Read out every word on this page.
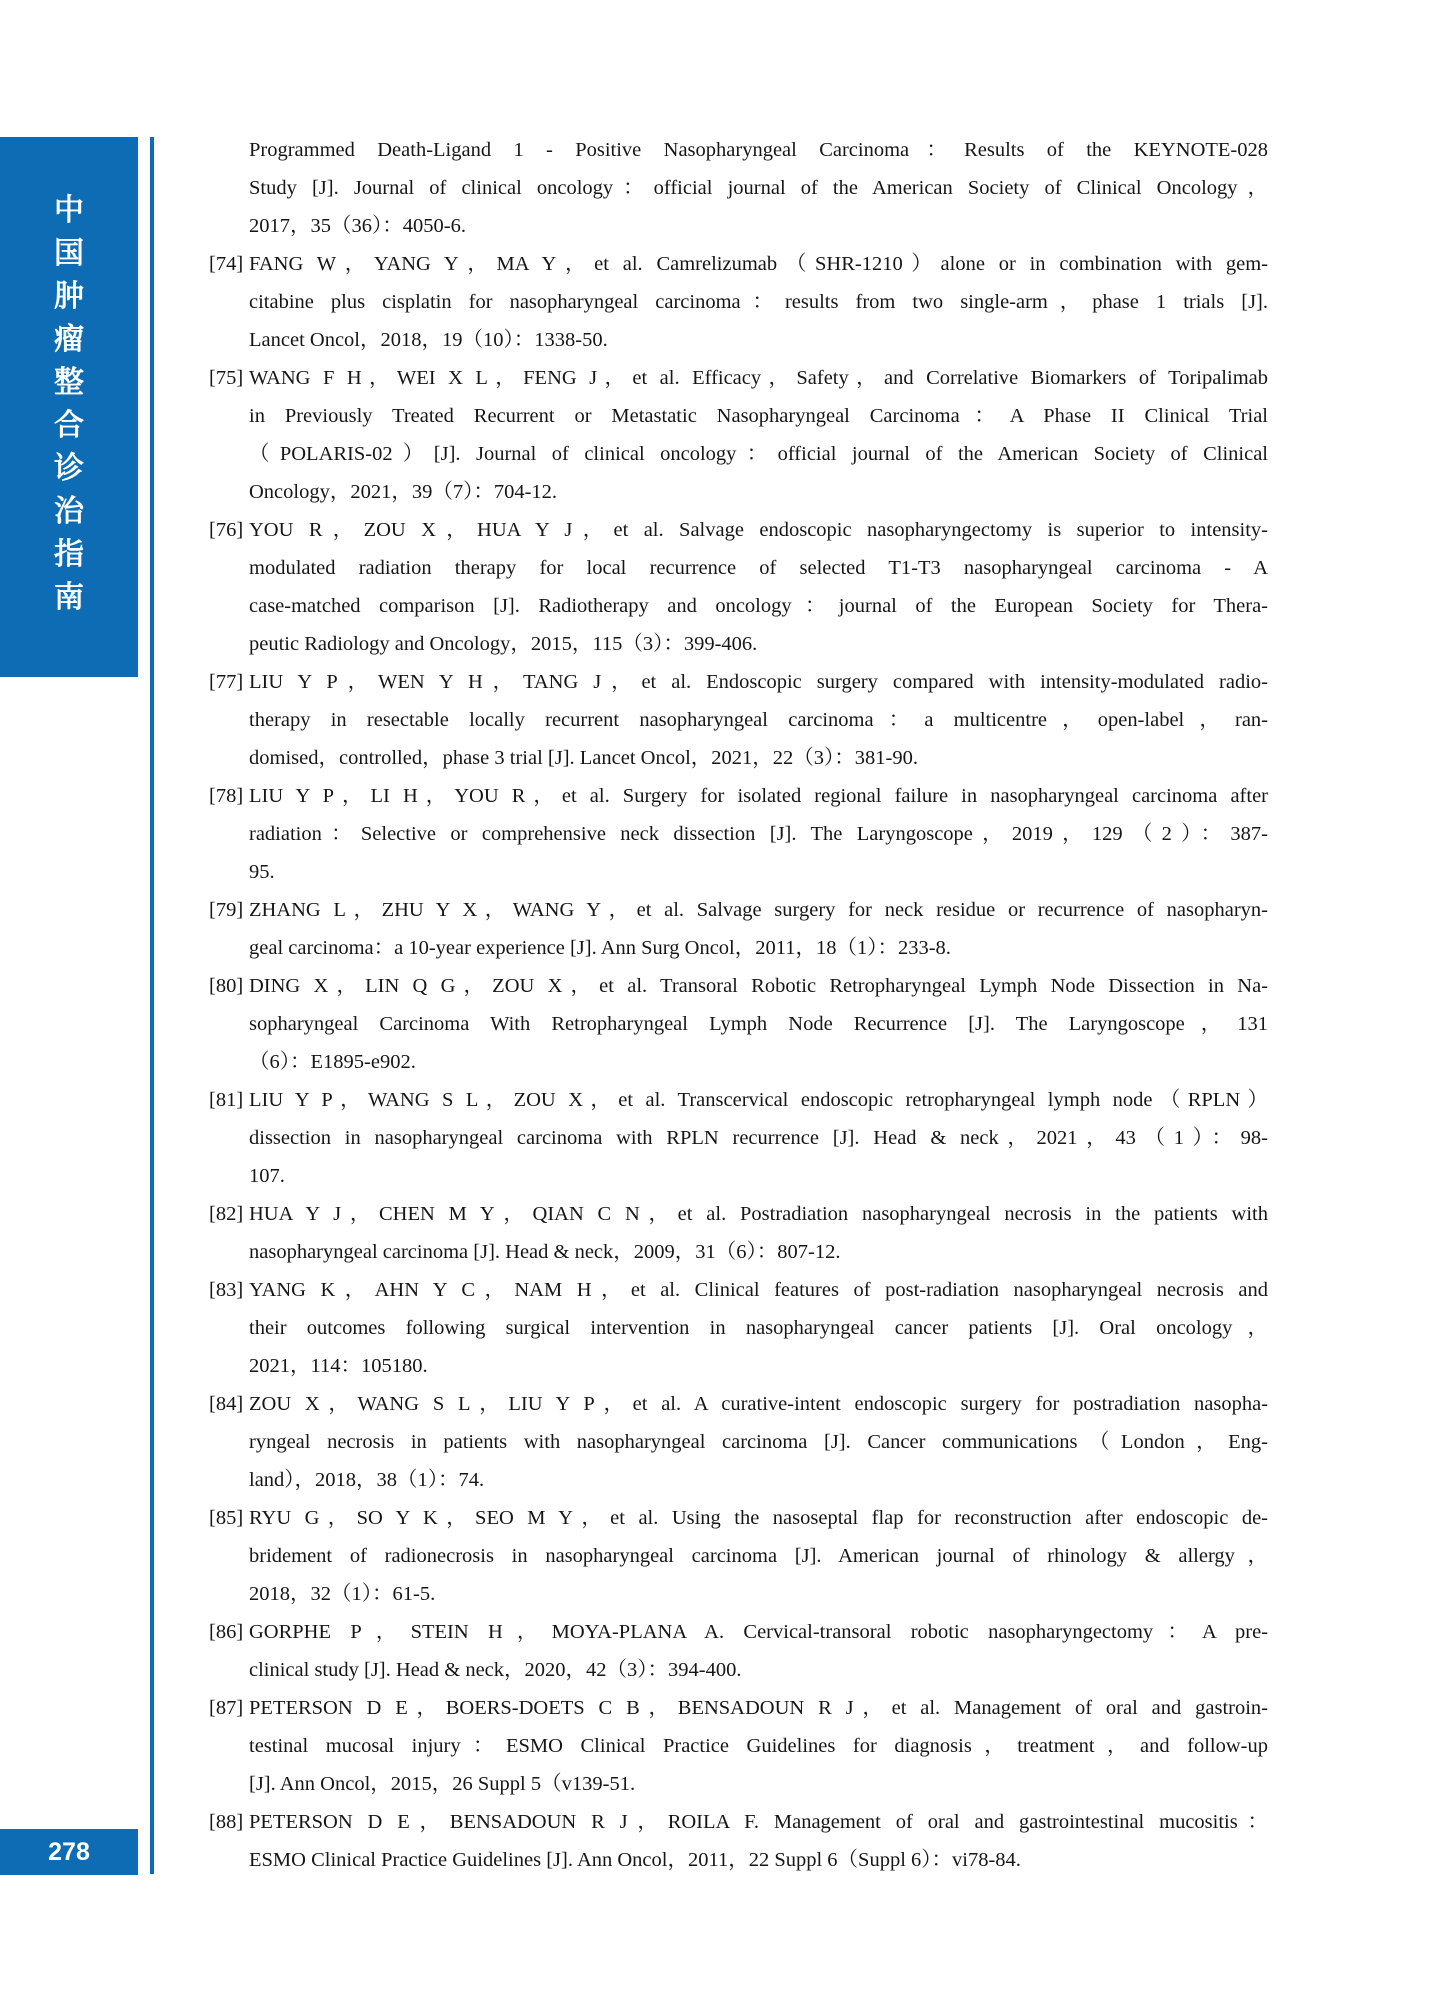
中
国
肿
瘤
整
合
诊
治
指
南
278
Programmed Death-Ligand 1 - Positive Nasopharyngeal Carcinoma：Results of the KEYNOTE-028
Study [J]. Journal of clinical oncology：official journal of the American Society of Clinical Oncology，
2017，35（36）：4050-6.
[74] FANG W，YANG Y，MA Y，et al. Camrelizumab（SHR-1210）alone or in combination with gem-
citabine plus cisplatin for nasopharyngeal carcinoma：results from two single-arm，phase 1 trials [J].
Lancet Oncol，2018，19（10）：1338-50.
[75] WANG F H，WEI X L，FENG J，et al. Efficacy，Safety，and Correlative Biomarkers of Toripalimab
in Previously Treated Recurrent or Metastatic Nasopharyngeal Carcinoma：A Phase II Clinical Trial
（POLARIS-02）[J]. Journal of clinical oncology：official journal of the American Society of Clinical
Oncology，2021，39（7）：704-12.
[76] YOU R，ZOU X，HUA Y J，et al. Salvage endoscopic nasopharyngectomy is superior to intensity-
modulated radiation therapy for local recurrence of selected T1-T3 nasopharyngeal carcinoma - A
case-matched comparison [J]. Radiotherapy and oncology：journal of the European Society for Thera-
peutic Radiology and Oncology，2015，115（3）：399-406.
[77] LIU Y P，WEN Y H，TANG J，et al. Endoscopic surgery compared with intensity-modulated radio-
therapy in resectable locally recurrent nasopharyngeal carcinoma：a multicentre，open-label，ran-
domised，controlled，phase 3 trial [J]. Lancet Oncol，2021，22（3）：381-90.
[78] LIU Y P，LI H，YOU R，et al. Surgery for isolated regional failure in nasopharyngeal carcinoma after
radiation：Selective or comprehensive neck dissection [J]. The Laryngoscope，2019，129（2）：387-
95.
[79] ZHANG L，ZHU Y X，WANG Y，et al. Salvage surgery for neck residue or recurrence of nasopharyn-
geal carcinoma：a 10-year experience [J]. Ann Surg Oncol，2011，18（1）：233-8.
[80] DING X，LIN Q G，ZOU X，et al. Transoral Robotic Retropharyngeal Lymph Node Dissection in Na-
sopharyngeal Carcinoma With Retropharyngeal Lymph Node Recurrence [J]. The Laryngoscope，131
（6）：E1895-e902.
[81] LIU Y P，WANG S L，ZOU X，et al. Transcervical endoscopic retropharyngeal lymph node（RPLN）
dissection in nasopharyngeal carcinoma with RPLN recurrence [J]. Head & neck，2021，43（1）：98-
107.
[82] HUA Y J，CHEN M Y，QIAN C N，et al. Postradiation nasopharyngeal necrosis in the patients with
nasopharyngeal carcinoma [J]. Head & neck，2009，31（6）：807-12.
[83] YANG K，AHN Y C，NAM H，et al. Clinical features of post-radiation nasopharyngeal necrosis and
their outcomes following surgical intervention in nasopharyngeal cancer patients [J]. Oral oncology，
2021，114：105180.
[84] ZOU X，WANG S L，LIU Y P，et al. A curative-intent endoscopic surgery for postradiation nasopha-
ryngeal necrosis in patients with nasopharyngeal carcinoma [J]. Cancer communications（London，Eng-
land），2018，38（1）：74.
[85] RYU G，SO Y K，SEO M Y，et al. Using the nasoseptal flap for reconstruction after endoscopic de-
bridement of radionecrosis in nasopharyngeal carcinoma [J]. American journal of rhinology & allergy，
2018，32（1）：61-5.
[86] GORPHE P，STEIN H，MOYA-PLANA A. Cervical-transoral robotic nasopharyngectomy：A pre-
clinical study [J]. Head & neck，2020，42（3）：394-400.
[87] PETERSON D E，BOERS-DOETS C B，BENSADOUN R J，et al. Management of oral and gastroin-
testinal mucosal injury：ESMO Clinical Practice Guidelines for diagnosis，treatment，and follow-up
[J]. Ann Oncol，2015，26 Suppl 5（v139-51.
[88] PETERSON D E，BENSADOUN R J，ROILA F. Management of oral and gastrointestinal mucositis：
ESMO Clinical Practice Guidelines [J]. Ann Oncol，2011，22 Suppl 6（Suppl 6）：vi78-84.
